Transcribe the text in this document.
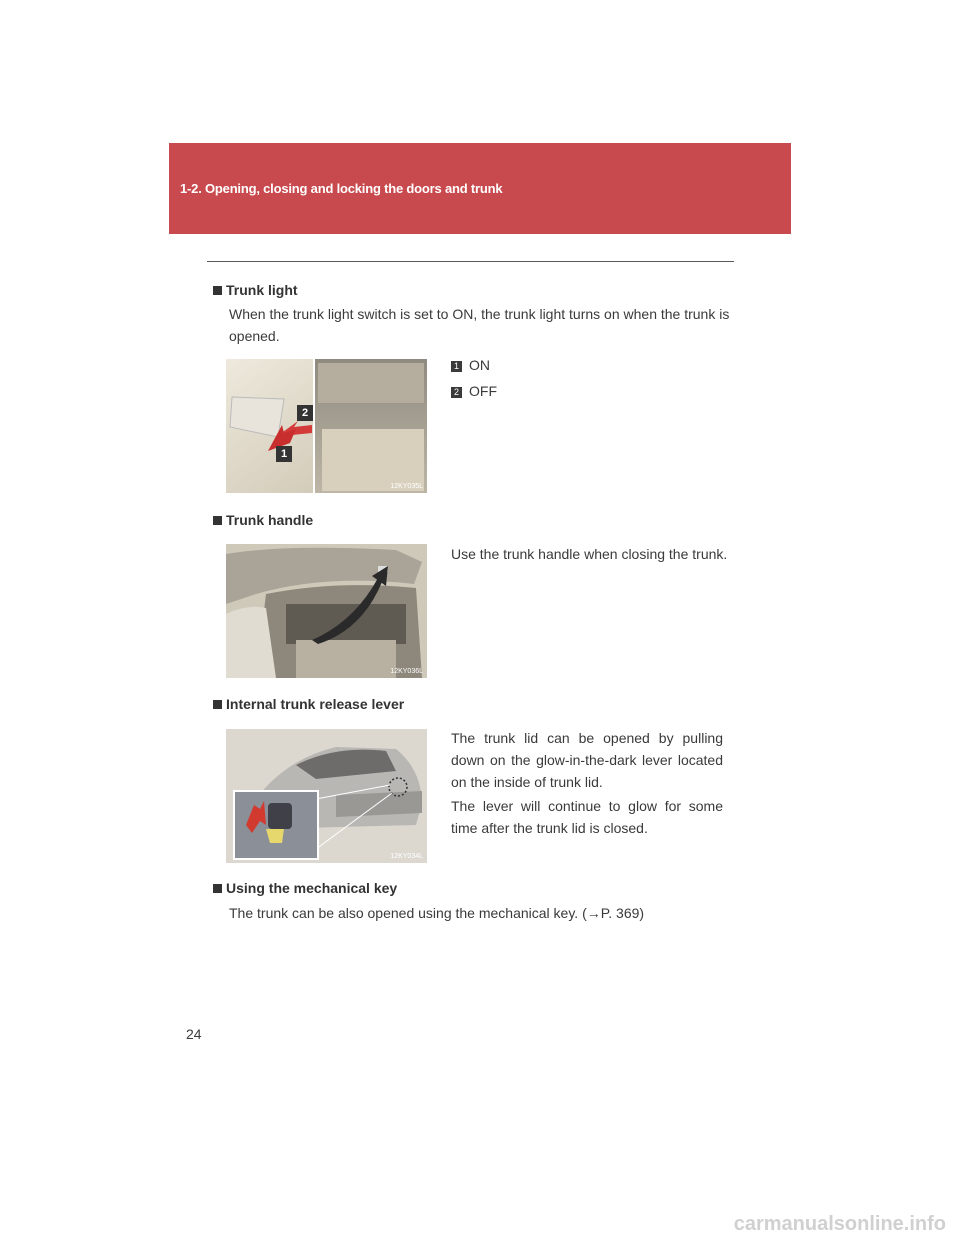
1-2. Opening, closing and locking the doors and trunk
Trunk light
When the trunk light switch is set to ON, the trunk light turns on when the trunk is opened.
2
1
12KY035L
1 ON
2 OFF
Trunk handle
Use the trunk handle when closing the trunk.
12KY036L
Internal trunk release lever
The trunk lid can be opened by pulling down on the glow-in-the-dark lever located on the inside of trunk lid.
The lever will continue to glow for some time after the trunk lid is closed.
12KY034L
Using the mechanical key
The trunk can be also opened using the mechanical key. (→P. 369)
24
carmanualsonline.info
